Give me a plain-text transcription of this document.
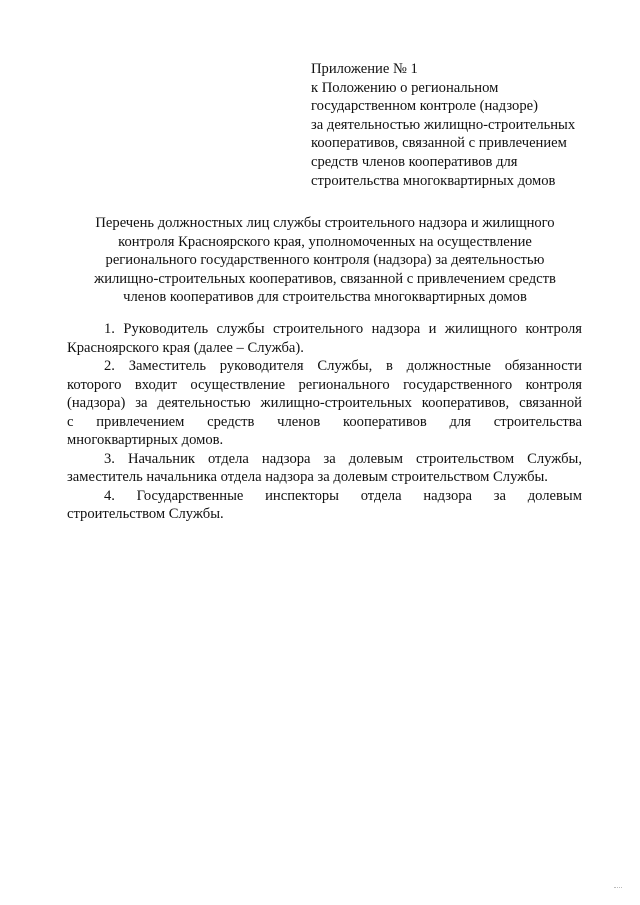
Приложение № 1
к Положению о региональном
государственном контроле (надзоре)
за деятельностью жилищно-строительных
кооперативов, связанной с привлечением
средств членов кооперативов для
строительства многоквартирных домов
Перечень должностных лиц службы строительного надзора и жилищного
контроля Красноярского края, уполномоченных на осуществление
регионального государственного контроля (надзора) за деятельностью
жилищно-строительных кооперативов, связанной с привлечением средств
членов кооперативов для строительства многоквартирных домов
1. Руководитель службы строительного надзора и жилищного контроля
Красноярского края (далее – Служба).
2. Заместитель руководителя Службы, в должностные обязанности
которого входит осуществление регионального государственного контроля
(надзора) за деятельностью жилищно-строительных кооперативов, связанной
с привлечением средств членов кооперативов для строительства
многоквартирных домов.
3. Начальник отдела надзора за долевым строительством Службы,
заместитель начальника отдела надзора за долевым строительством Службы.
4. Государственные инспекторы отдела надзора за долевым
строительством Службы.
